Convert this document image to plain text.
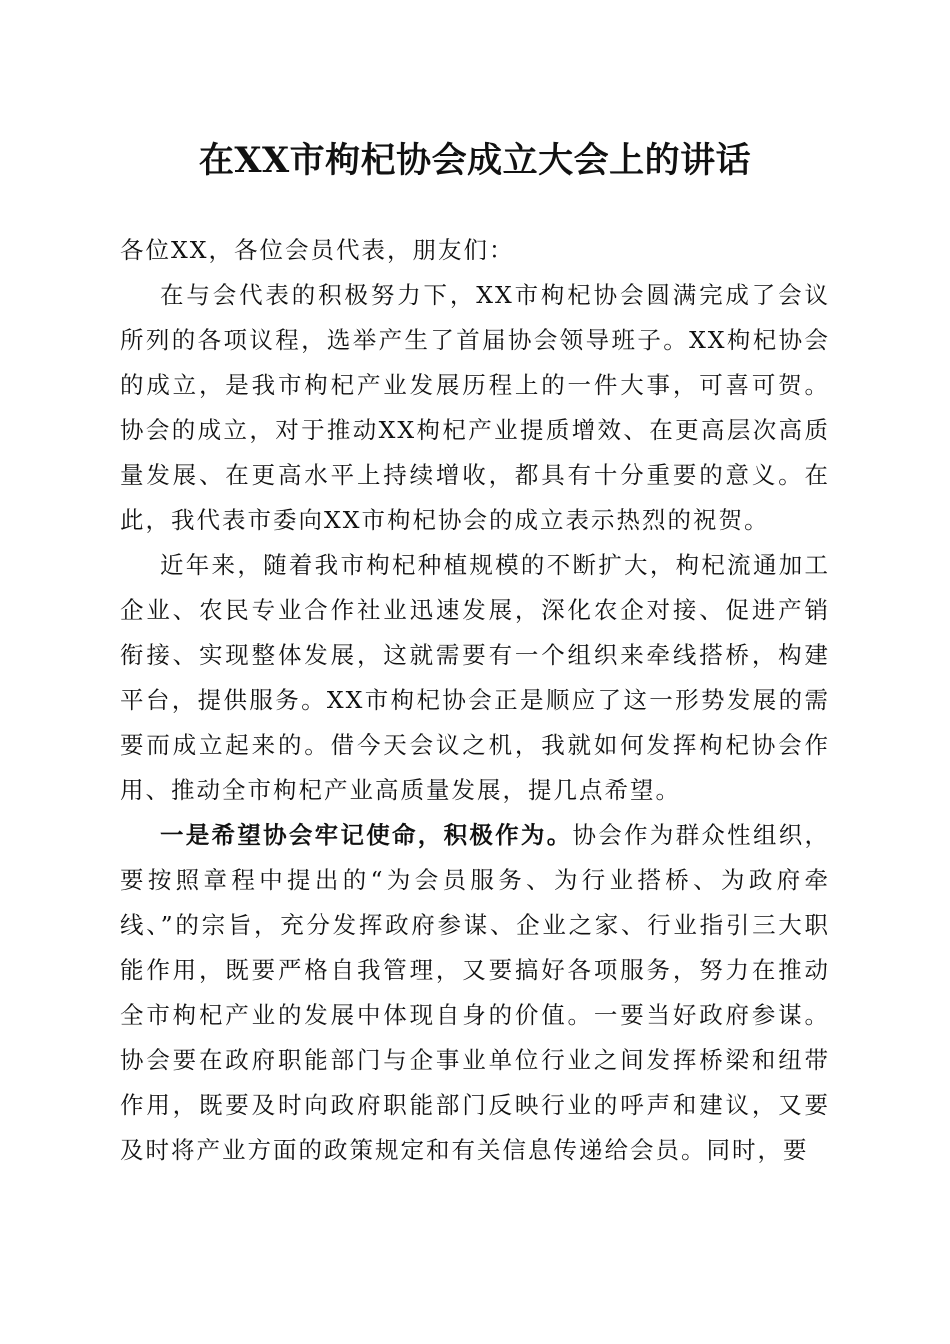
在XX市枸杞协会成立大会上的讲话

各位XX，各位会员代表，朋友们：

在与会代表的积极努力下，XX市枸杞协会圆满完成了会议所列的各项议程，选举产生了首届协会领导班子。XX枸杞协会的成立，是我市枸杞产业发展历程上的一件大事，可喜可贺。协会的成立，对于推动XX枸杞产业提质增效、在更高层次高质量发展、在更高水平上持续增收，都具有十分重要的意义。在此，我代表市委向XX市枸杞协会的成立表示热烈的祝贺。

近年来，随着我市枸杞种植规模的不断扩大，枸杞流通加工企业、农民专业合作社业迅速发展，深化农企对接、促进产销衔接、实现整体发展，这就需要有一个组织来牵线搭桥，构建平台，提供服务。XX市枸杞协会正是顺应了这一形势发展的需要而成立起来的。借今天会议之机，我就如何发挥枸杞协会作用、推动全市枸杞产业高质量发展，提几点希望。

一是希望协会牢记使命，积极作为。协会作为群众性组织，要按照章程中提出的“为会员服务、为行业搭桥、为政府牵线、”的宗旨，充分发挥政府参谋、企业之家、行业指引三大职能作用，既要严格自我管理，又要搞好各项服务，努力在推动全市枸杞产业的发展中体现自身的价值。一要当好政府参谋。协会要在政府职能部门与企事业单位行业之间发挥桥梁和纽带作用，既要及时向政府职能部门反映行业的呼声和建议，又要及时将产业方面的政策规定和有关信息传递给会员。同时，要
